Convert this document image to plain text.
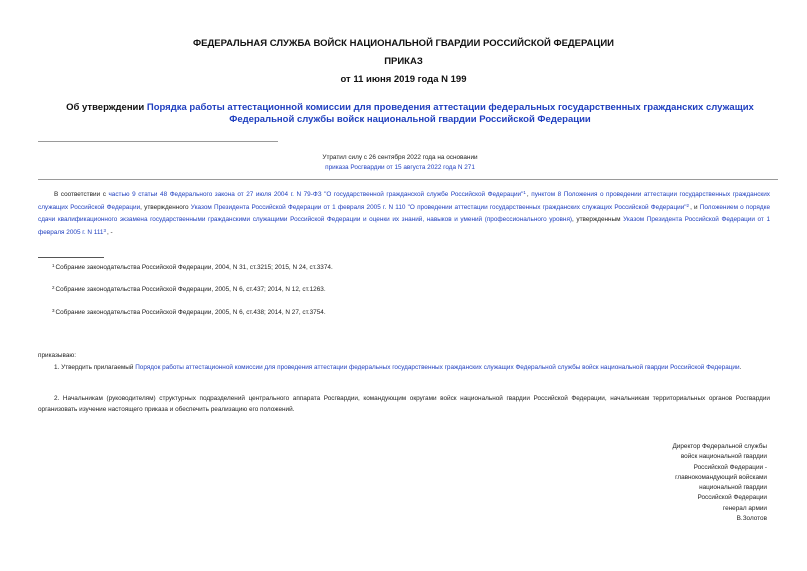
ФЕДЕРАЛЬНАЯ СЛУЖБА ВОЙСК НАЦИОНАЛЬНОЙ ГВАРДИИ РОССИЙСКОЙ ФЕДЕРАЦИИ
ПРИКАЗ
от 11 июня 2019 года N 199
Об утверждении Порядка работы аттестационной комиссии для проведения аттестации федеральных государственных гражданских служащих Федеральной службы войск национальной гвардии Российской Федерации
Утратил силу с 26 сентября 2022 года на основании
приказа Росгвардии от 15 августа 2022 года N 271
В соответствии с частью 9 статьи 48 Федерального закона от 27 июля 2004 г. N 79-ФЗ "О государственной гражданской службе Российской Федерации"$^1$, пунктом 8 Положения о проведении аттестации государственных гражданских служащих Российской Федерации, утвержденного Указом Президента Российской Федерации от 1 февраля 2005 г. N 110 "О проведении аттестации государственных гражданских служащих Российской Федерации"$^2$, и Положением о порядке сдачи квалификационного экзамена государственными гражданскими служащими Российской Федерации и оценки их знаний, навыков и умений (профессионального уровня), утвержденным Указом Президента Российской Федерации от 1 февраля 2005 г. N $111^3$, -
$^1$Собрание законодательства Российской Федерации, 2004, N 31, ст.3215; 2015, N 24, ст.3374.
$^2$Собрание законодательства Российской Федерации, 2005, N 6, ст.437; 2014, N 12, ст.1263.
$^3$Собрание законодательства Российской Федерации, 2005, N 6, ст.438; 2014, N 27, ст.3754.
приказываю:
1. Утвердить прилагаемый Порядок работы аттестационной комиссии для проведения аттестации федеральных государственных гражданских служащих Федеральной службы войск национальной гвардии Российской Федерации.
2. Начальникам (руководителям) структурных подразделений центрального аппарата Росгвардии, командующим округами войск национальной гвардии Российской Федерации, начальникам территориальных органов Росгвардии организовать изучение настоящего приказа и обеспечить реализацию его положений.
Директор Федеральной службы
войск национальной гвардии
Российской Федерации -
главнокомандующий войсками
национальной гвардии
Российской Федерации
генерал армии
В.Золотов
